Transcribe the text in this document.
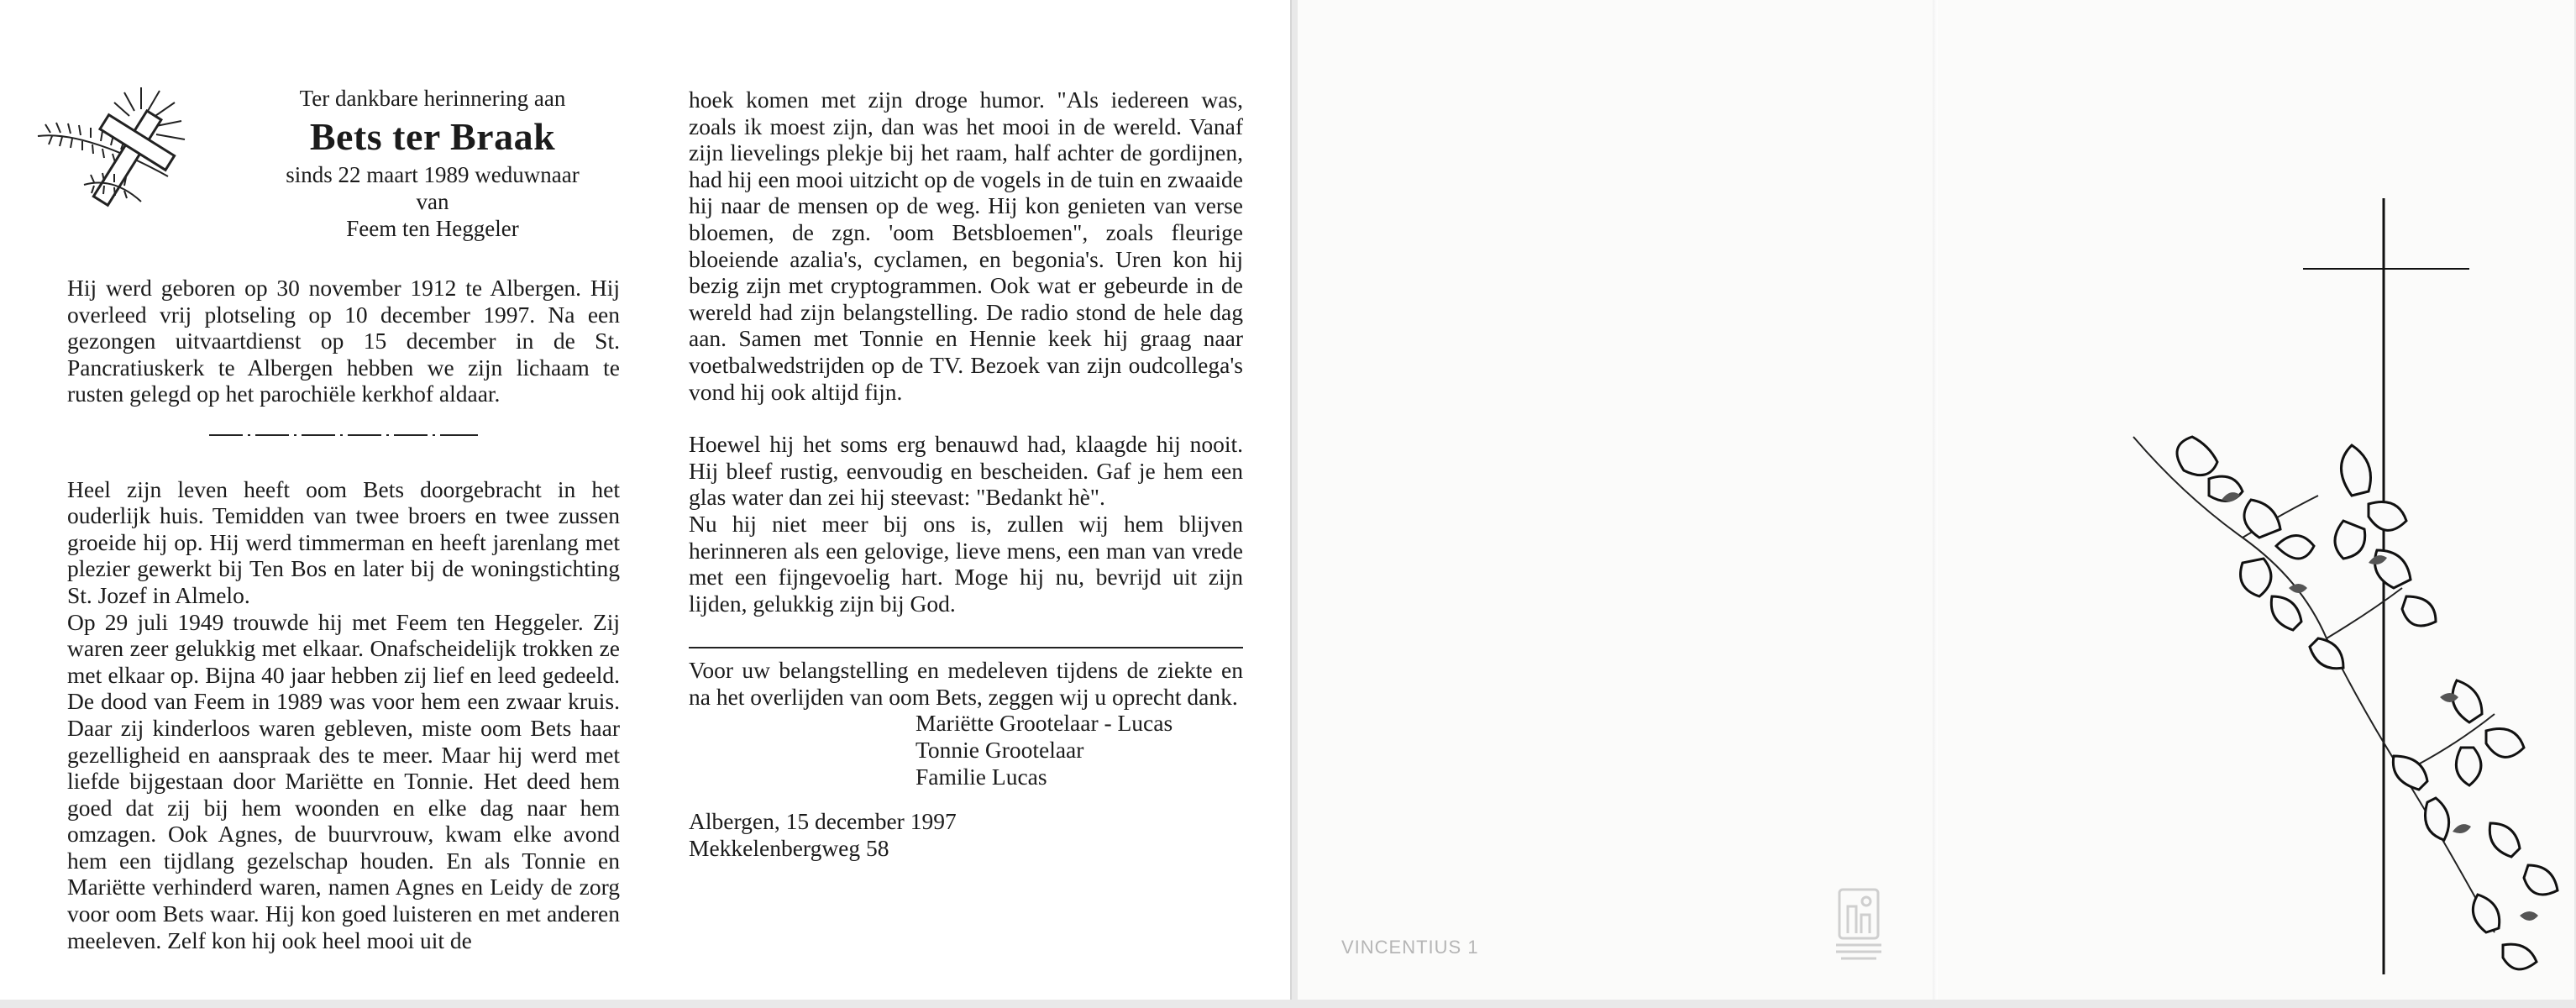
Ter dankbare herinnering aan
Bets ter Braak
sinds 22 maart 1989 weduwnaar
van
Feem ten Heggeler

Hij werd geboren op 30 november 1912 te Albergen. Hij overleed vrij plotseling op 10 december 1997. Na een gezongen uitvaartdienst op 15 december in de St. Pancratiuskerk te Albergen hebben we zijn lichaam te rusten gelegd op het parochiële kerkhof aldaar.

Heel zijn leven heeft oom Bets doorgebracht in het ouderlijk huis. Temidden van twee broers en twee zussen groeide hij op. Hij werd timmerman en heeft jarenlang met plezier gewerkt bij Ten Bos en later bij de woningstichting St. Jozef in Almelo.

Op 29 juli 1949 trouwde hij met Feem ten Heggeler. Zij waren zeer gelukkig met elkaar. Onafscheidelijk trokken ze met elkaar op. Bijna 40 jaar hebben zij lief en leed gedeeld. De dood van Feem in 1989 was voor hem een zwaar kruis. Daar zij kinderloos waren gebleven, miste oom Bets haar gezelligheid en aanspraak des te meer. Maar hij werd met liefde bijgestaan door Mariëtte en Tonnie. Het deed hem goed dat zij bij hem woonden en elke dag naar hem omzagen. Ook Agnes, de buurvrouw, kwam elke avond hem een tijdlang gezelschap houden. En als Tonnie en Mariëtte verhinderd waren, namen Agnes en Leidy de zorg voor oom Bets waar. Hij kon goed luisteren en met anderen meeleven. Zelf kon hij ook heel mooi uit de

hoek komen met zijn droge humor. "Als iedereen was, zoals ik moest zijn, dan was het mooi in de wereld. Vanaf zijn lievelings plekje bij het raam, half achter de gordijnen, had hij een mooi uitzicht op de vogels in de tuin en zwaaide hij naar de mensen op de weg. Hij kon genieten van verse bloemen, de zgn. 'oom Betsbloemen", zoals fleurige bloeiende azalia's, cyclamen, en begonia's. Uren kon hij bezig zijn met cryptogrammen. Ook wat er gebeurde in de wereld had zijn belangstelling. De radio stond de hele dag aan. Samen met Tonnie en Hennie keek hij graag naar voetbalwedstrijden op de TV. Bezoek van zijn oudcollega's vond hij ook altijd fijn.

Hoewel hij het soms erg benauwd had, klaagde hij nooit. Hij bleef rustig, eenvoudig en bescheiden. Gaf je hem een glas water dan zei hij steevast: "Bedankt hè".

Nu hij niet meer bij ons is, zullen wij hem blijven herinneren als een gelovige, lieve mens, een man van vrede met een fijngevoelig hart. Moge hij nu, bevrijd uit zijn lijden, gelukkig zijn bij God.

Voor uw belangstelling en medeleven tijdens de ziekte en na het overlijden van oom Bets, zeggen wij u oprecht dank.

Mariëtte Grootelaar - Lucas
Tonnie Grootelaar
Familie Lucas
Albergen, 15 december 1997
Mekkelenbergweg 58
VINCENTIUS 1
